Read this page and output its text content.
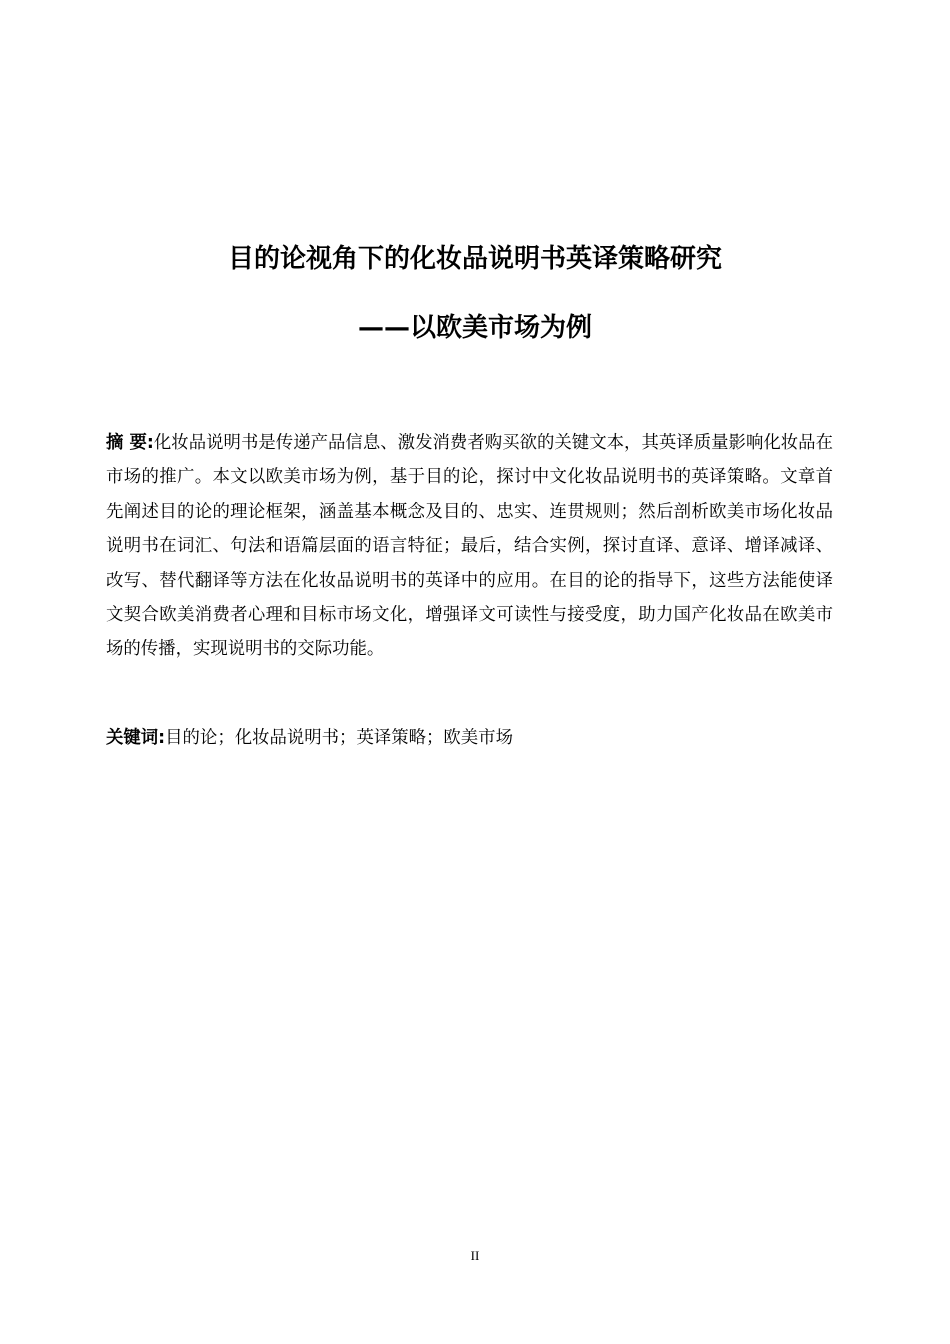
目的论视角下的化妆品说明书英译策略研究
——以欧美市场为例

摘 要:化妆品说明书是传递产品信息、激发消费者购买欲的关键文本，其英译质量影响化妆品在市场的推广。本文以欧美市场为例，基于目的论，探讨中文化妆品说明书的英译策略。文章首先阐述目的论的理论框架，涵盖基本概念及目的、忠实、连贯规则；然后剖析欧美市场化妆品说明书在词汇、句法和语篇层面的语言特征；最后，结合实例，探讨直译、意译、增译减译、改写、替代翻译等方法在化妆品说明书的英译中的应用。在目的论的指导下，这些方法能使译文契合欧美消费者心理和目标市场文化，增强译文可读性与接受度，助力国产化妆品在欧美市场的传播，实现说明书的交际功能。

关键词:目的论；化妆品说明书；英译策略；欧美市场

II
